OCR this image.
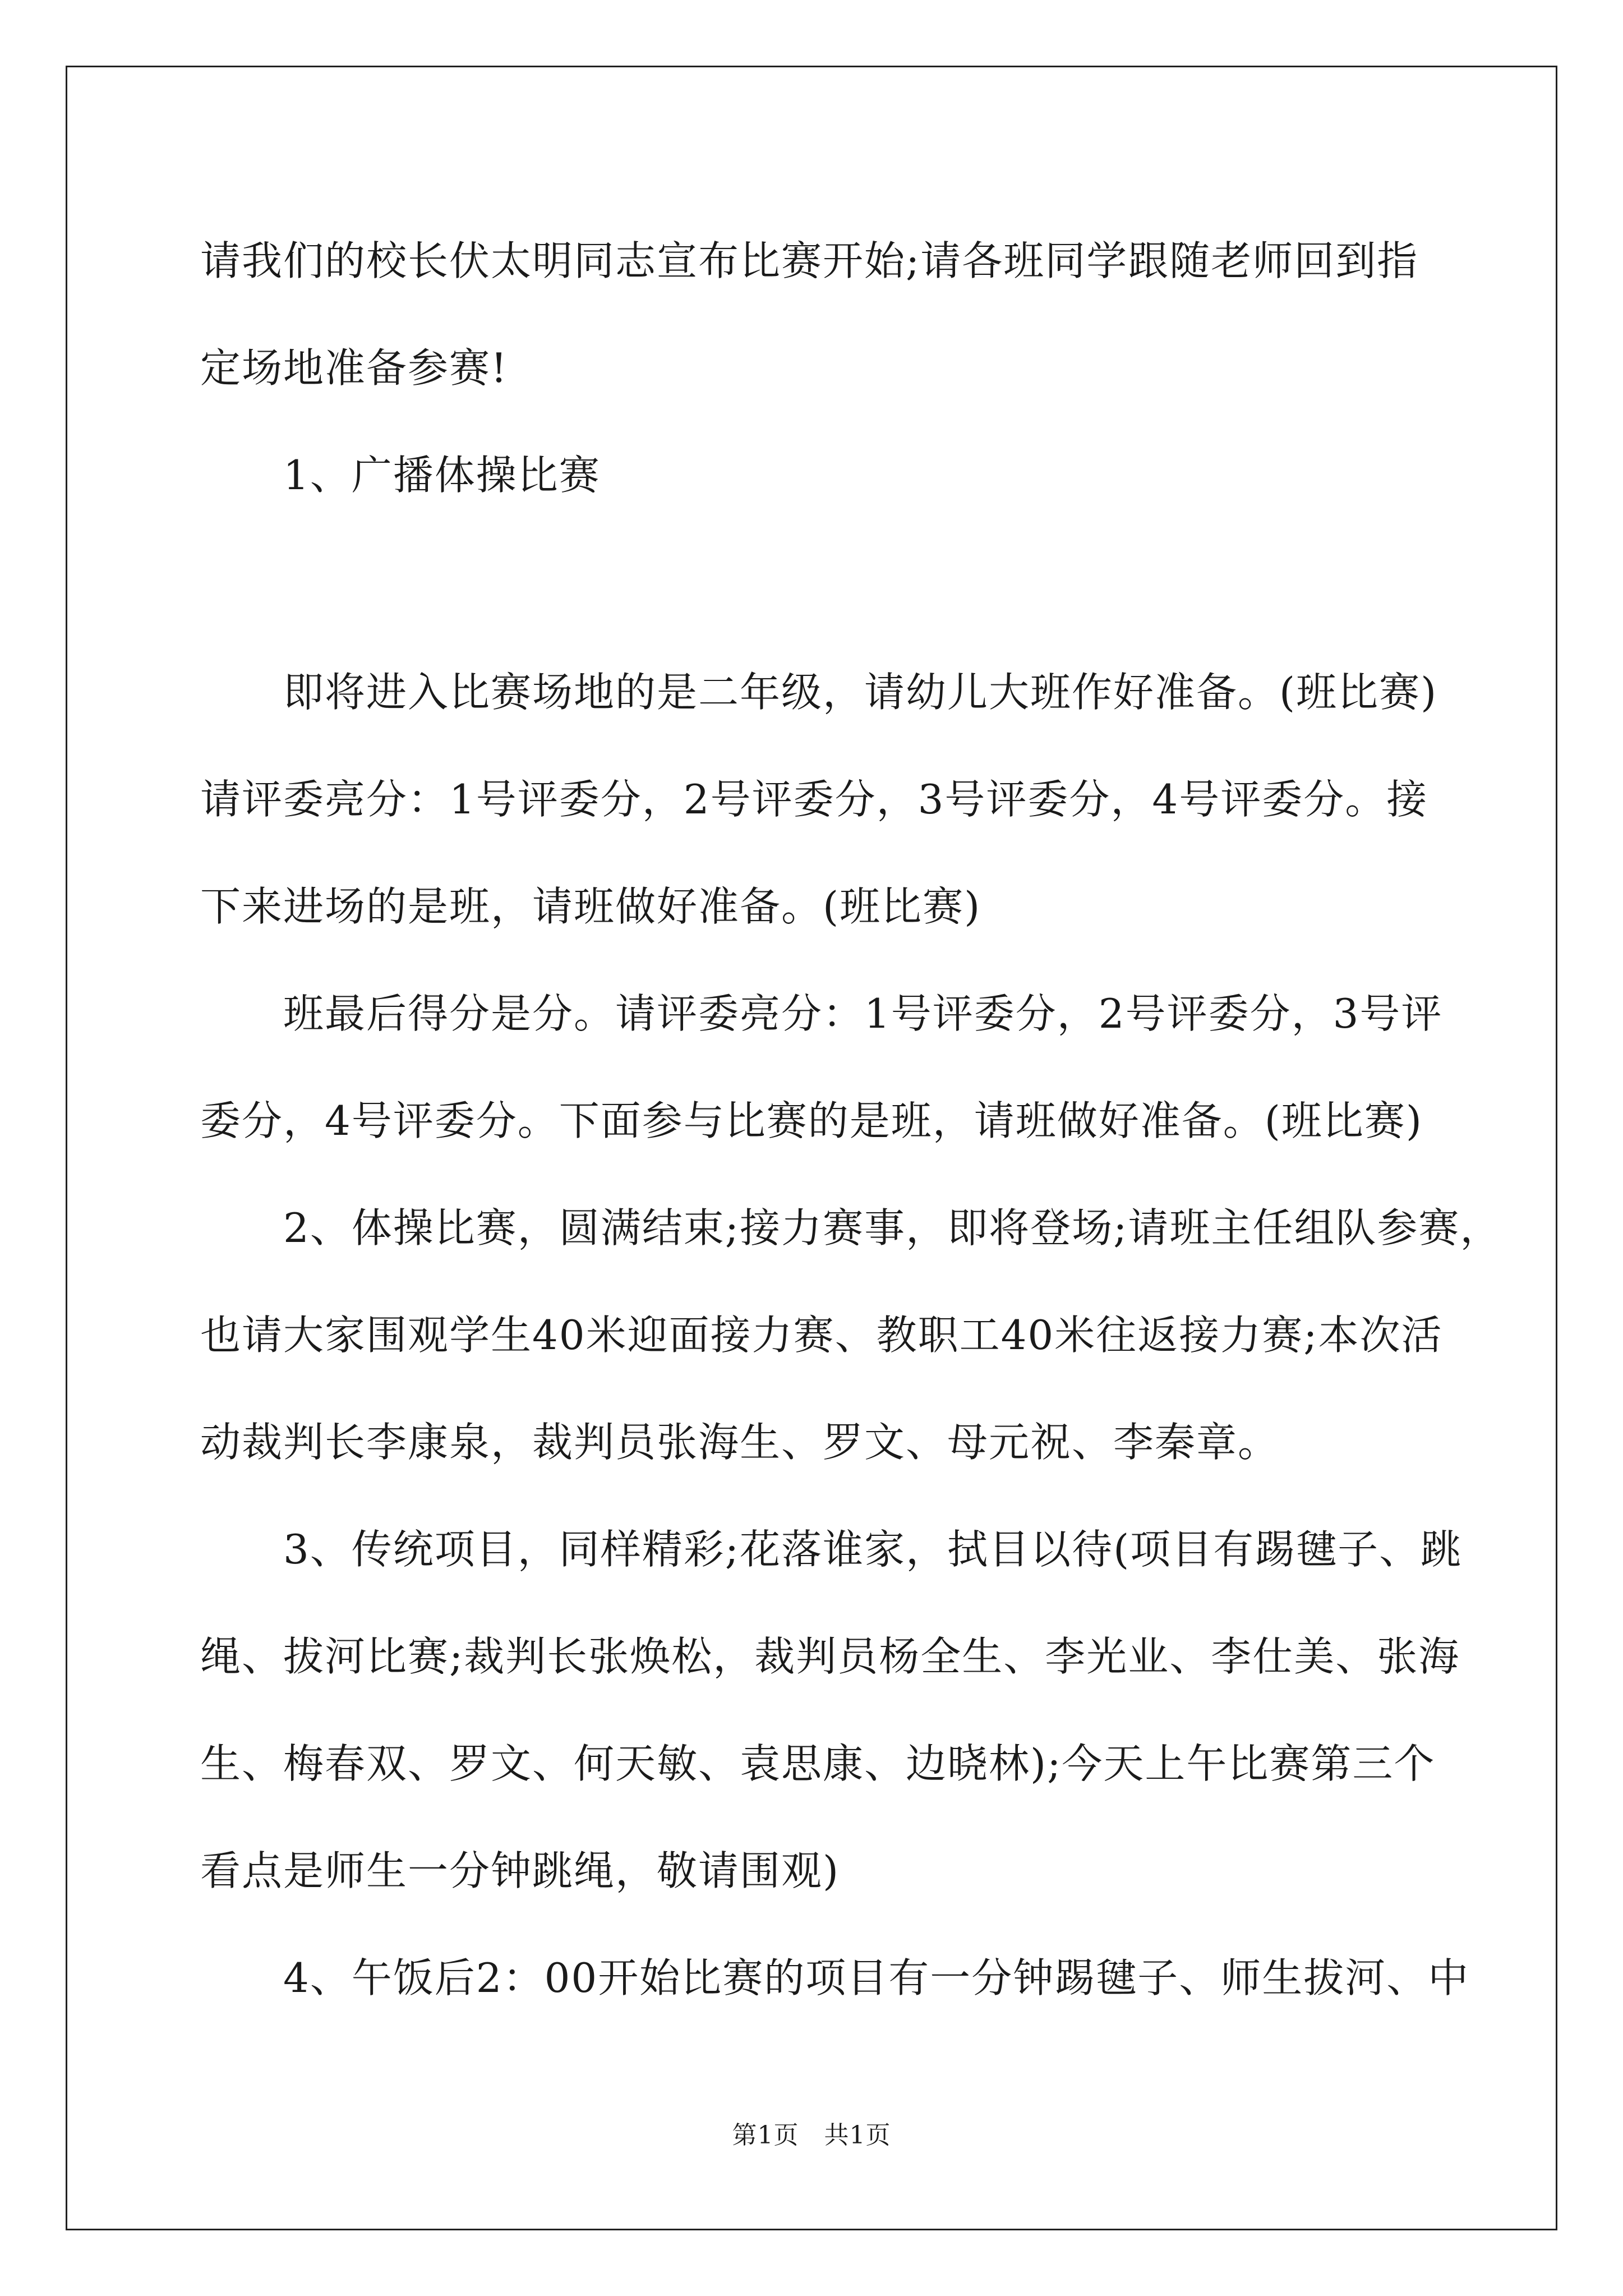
请我们的校长伏太明同志宣布比赛开始;请各班同学跟随老师回到指

定场地准备参赛!

1、广播体操比赛

即将进入比赛场地的是二年级，请幼儿大班作好准备。(班比赛)

请评委亮分：1号评委分，2号评委分，3号评委分，4号评委分。接

下来进场的是班，请班做好准备。(班比赛)

班最后得分是分。请评委亮分：1号评委分，2号评委分，3号评

委分，4号评委分。下面参与比赛的是班，请班做好准备。(班比赛)

2、体操比赛，圆满结束;接力赛事，即将登场;请班主任组队参赛，

也请大家围观学生40米迎面接力赛、教职工40米往返接力赛;本次活

动裁判长李康泉，裁判员张海生、罗文、母元祝、李秦章。

3、传统项目，同样精彩;花落谁家，拭目以待(项目有踢毽子、跳

绳、拔河比赛;裁判长张焕松，裁判员杨全生、李光业、李仕美、张海

生、梅春双、罗文、何天敏、袁思康、边晓林);今天上午比赛第三个

看点是师生一分钟跳绳，敬请围观)

4、午饭后2：00开始比赛的项目有一分钟踢毽子、师生拔河、中

第1页　共1页
